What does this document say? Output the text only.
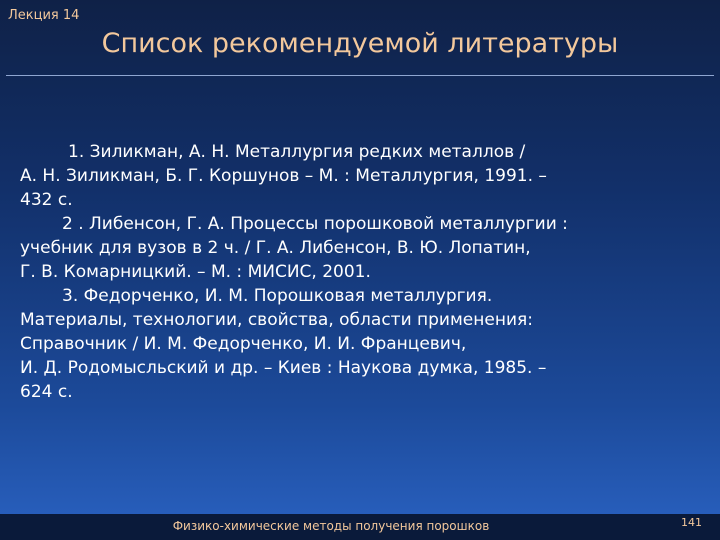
Лекция 14
Список рекомендуемой литературы

1. Зиликман, А. Н. Металлургия редких металлов /

А. Н. Зиликман, Б. Г. Коршунов – М. : Металлургия, 1991. –

432 с.

2 . Либенсон, Г. А. Процессы порошковой металлургии :

учебник для вузов в 2 ч. / Г. А. Либенсон, В. Ю. Лопатин,

Г. В. Комарницкий. – М. : МИСИС, 2001.

3. Федорченко, И. М. Порошковая металлургия.

Материалы, технологии, свойства, области применения:

Справочник / И. М. Федорченко, И. И. Францевич,

И. Д. Родомысльский и др. – Киев : Наукова думка, 1985. –

624 с.

Физико-химические методы получения порошков	141
